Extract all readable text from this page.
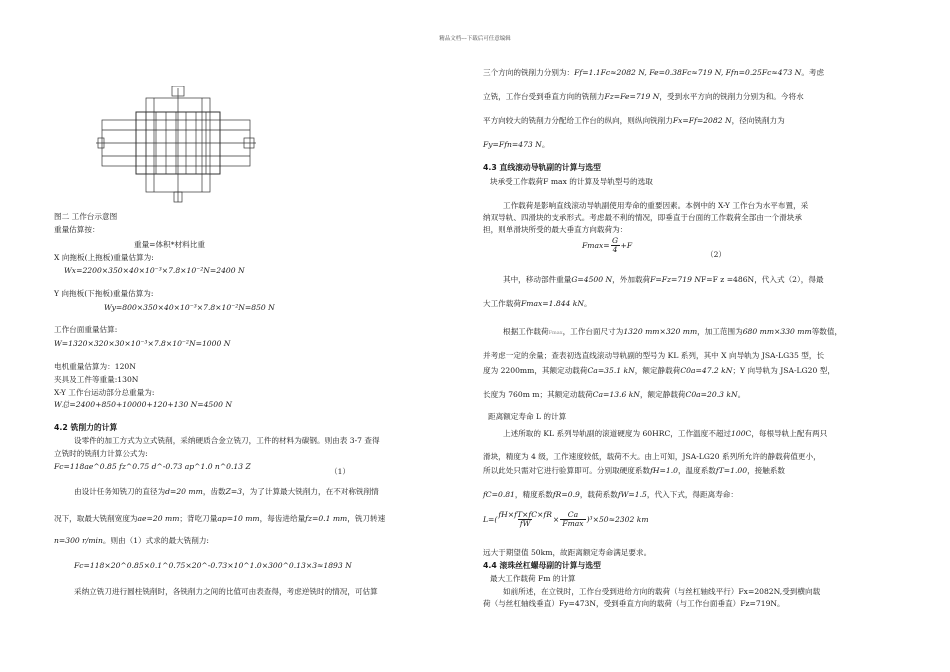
精品文档---下载后可任意编辑
图二 工作台示意图
重量估算按：
重量=体积*材料比重
X 向拖板(上拖板)重量估算为:
Wx=2200×350×40×10⁻³×7.8×10⁻²N=2400 N
Y 向拖板(下拖板)重量估算为:
Wy=800×350×40×10⁻³×7.8×10⁻²N=850 N
工作台面重量估算:
W=1320×320×30×10⁻³×7.8×10⁻²N=1000 N
电机重量估算为：120N
夹具及工件等重量:130N
X-Y 工作台运动部分总重量为:
W总=2400+850+10000+120+130 N=4500 N
4.2 铣削力的计算
设零件的加工方式为立式铣削，采纳硬质合金立铣刀，工件的材料为碳钢。则由表 3-7 查得
立铣时的铣削力计算公式为:
Fc=118ae^0.85 fz^0.75 d^-0.73 ap^1.0 n^0.13 Z
（1）
由设计任务知铣刀的直径为d=20 mm，齿数Z=3，为了计算最大铣削力，在不对称铣削情
况下，取最大铣削宽度为ae=20 mm；背吃刀量ap=10 mm，每齿进给量fz=0.1 mm，铣刀转速
n=300 r/min。则由（1）式求的最大铣削力:
Fc=118×20^0.85×0.1^0.75×20^-0.73×10^1.0×300^0.13×3≈1893 N
采纳立铣刀进行圆柱铣削时，各铣削力之间的比值可由表查得，考虑逆铣时的情况，可估算
三个方向的铣削力分别为：Ff=1.1Fc≈2082 N, Fe=0.38Fc≈719 N, Ffn=0.25Fc≈473 N。考虑
立铣，工作台受到垂直方向的铣削力Fz=Fe=719 N，受到水平方向的铣削力分别为和。今将水
平方向较大的铣削力分配给工作台的纵向，则纵向铣削力Fx=Ff=2082 N，径向铣削力为
Fy=Ffn=473 N。
4.3 直线滚动导轨副的计算与选型
块承受工作载荷F max 的计算及导轨型号的选取
工作载荷是影响直线滚动导轨副使用寿命的重要因素。本例中的 X-Y 工作台为水平布置，采
纳双导轨、四滑块的支承形式。考虑最不利的情况，即垂直于台面的工作载荷全部由一个滑块承
担，则单滑块所受的最大垂直方向载荷为：
$Fmax= \frac{G}{4} +F$
（2）
其中，移动部件重量G=4500 N，外加载荷F=Fz=719 NF=F z =486N，代入式（2），得最
大工作载荷Fmax=1.844 kN。
根据工作载荷Fmax，工作台面尺寸为1320 mm×320 mm，加工范围为680 mm×330 mm等数值，
并考虑一定的余量；查表初选直线滚动导轨副的型号为 KL 系列，其中 X 向导轨为 JSA-LG35 型，长
度为 2200mm，其额定动载荷Ca=35.1 kN，额定静载荷C0a=47.2 kN；Y 向导轨为 JSA-LG20 型，
长度为 760m m；其额定动载荷Ca=13.6 kN，额定静载荷C0a=20.3 kN。
距离额定寿命 L 的计算
上述所取的 KL 系列导轨副的滚道硬度为 60HRC，工作温度不超过100C，每根导轨上配有两只
滑块，精度为 4 级，工作速度较低，载荷不大。由上可知，JSA-LG20 系列所允许的静载荷值更小，
所以此处只需对它进行验算即可。分别取硬度系数fH=1.0，温度系数fT=1.00，接触系数
fC=0.81，精度系数fR=0.9，载荷系数fW=1.5，代入下式，得距离寿命：
$L=( \frac{fH\times fT\times fC\times fR}{fW}$ ×
Ca
Fmax )³×50≈2302 km
远大于期望值 50km，故距离额定寿命满足要求。
4.4 滚珠丝杠螺母副的计算与选型
最大工作载荷 Fm 的计算
如前所述，在立铣时，工作台受到进给方向的载荷（与丝杠轴线平行）Fx=2082N,受到横向载
荷（与丝杠轴线垂直）Fy=473N，受到垂直方向的载荷（与工作台面垂直）Fz=719N。
